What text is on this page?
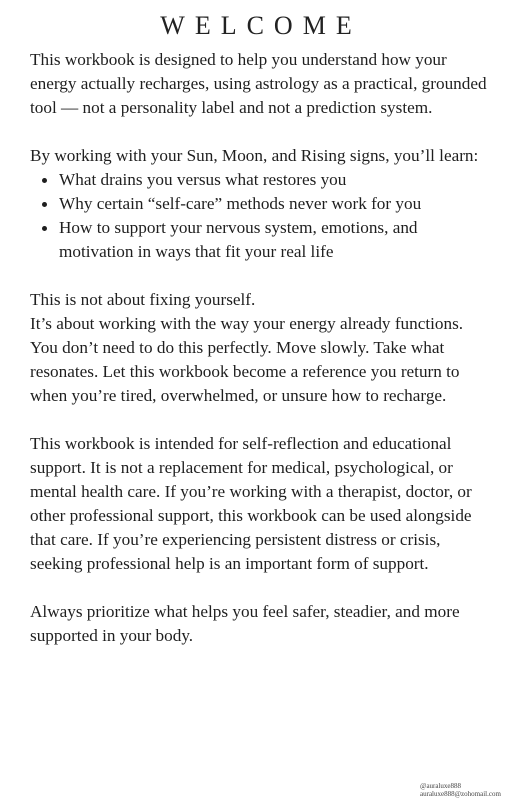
WELCOME

This workbook is designed to help you understand how your energy actually recharges, using astrology as a practical, grounded tool — not a personality label and not a prediction system.

By working with your Sun, Moon, and Rising signs, you’ll learn:

What drains you versus what restores you
Why certain “self-care” methods never work for you
How to support your nervous system, emotions, and motivation in ways that fit your real life

This is not about fixing yourself.

It’s about working with the way your energy already functions.

You don’t need to do this perfectly. Move slowly. Take what resonates. Let this workbook become a reference you return to when you’re tired, overwhelmed, or unsure how to recharge.

This workbook is intended for self-reflection and educational support. It is not a replacement for medical, psychological, or mental health care. If you’re working with a therapist, doctor, or other professional support, this workbook can be used alongside that care. If you’re experiencing persistent distress or crisis, seeking professional help is an important form of support.

Always prioritize what helps you feel safer, steadier, and more supported in your body.

@auraluxe888
auraluxe888@zohomail.com
